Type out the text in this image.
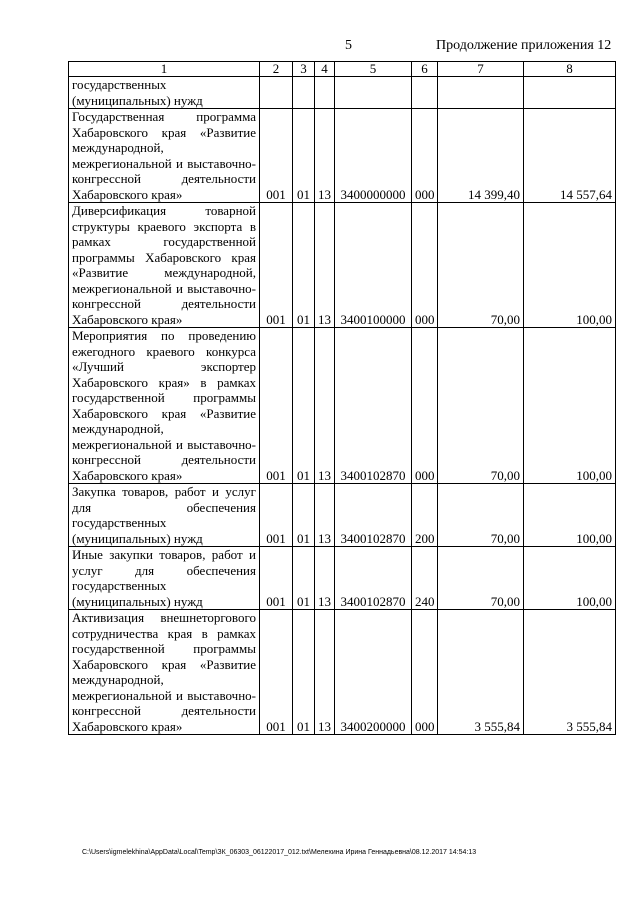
5	Продолжение приложения 12
1	2	3	4	5	6	7	8
государственных (муниципальных) нужд							
Государственная программа Хабаровского края «Развитие международной, межрегиональной и выставочно-конгрессной деятельности Хабаровского края»	001	01	13	3400000000	000	14 399,40	14 557,64
Диверсификация товарной структуры краевого экспорта в рамках государственной программы Хабаровского края «Развитие международной, межрегиональной и выставочно-конгрессной деятельности Хабаровского края»	001	01	13	3400100000	000	70,00	100,00
Мероприятия по проведению ежегодного краевого конкурса «Лучший экспортер Хабаровского края» в рамках государственной программы Хабаровского края «Развитие международной, межрегиональной и выставочно-конгрессной деятельности Хабаровского края»	001	01	13	3400102870	000	70,00	100,00
Закупка товаров, работ и услуг для обеспечения государственных (муниципальных) нужд	001	01	13	3400102870	200	70,00	100,00
Иные закупки товаров, работ и услуг для обеспечения государственных (муниципальных) нужд	001	01	13	3400102870	240	70,00	100,00
Активизация внешнеторгового сотрудничества края в рамках государственной программы Хабаровского края «Развитие международной, межрегиональной и выставочно-конгрессной деятельности Хабаровского края»	001	01	13	3400200000	000	3 555,84	3 555,84
C:\Users\igmelekhina\AppData\Local\Temp\ЗК_06303_06122017_012.txt\Мелехина Ирина Геннадьевна\08.12.2017 14:54:13
